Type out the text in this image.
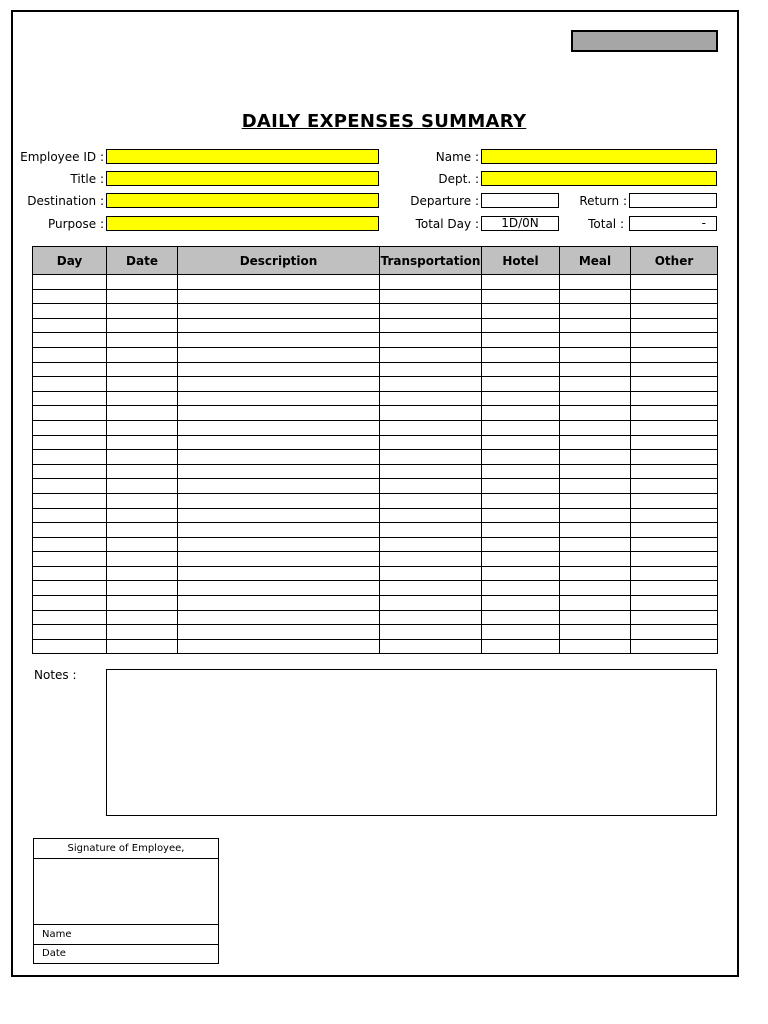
DAILY EXPENSES SUMMARY
Employee ID :
Title :
Destination :
Purpose :
Name :
Dept. :
Departure :	Return :
Total Day :	1D/0N	Total :	-
Day	Date	Description	Transportation	Hotel	Meal	Other

Notes :
Signature of Employee,
Name
Date
